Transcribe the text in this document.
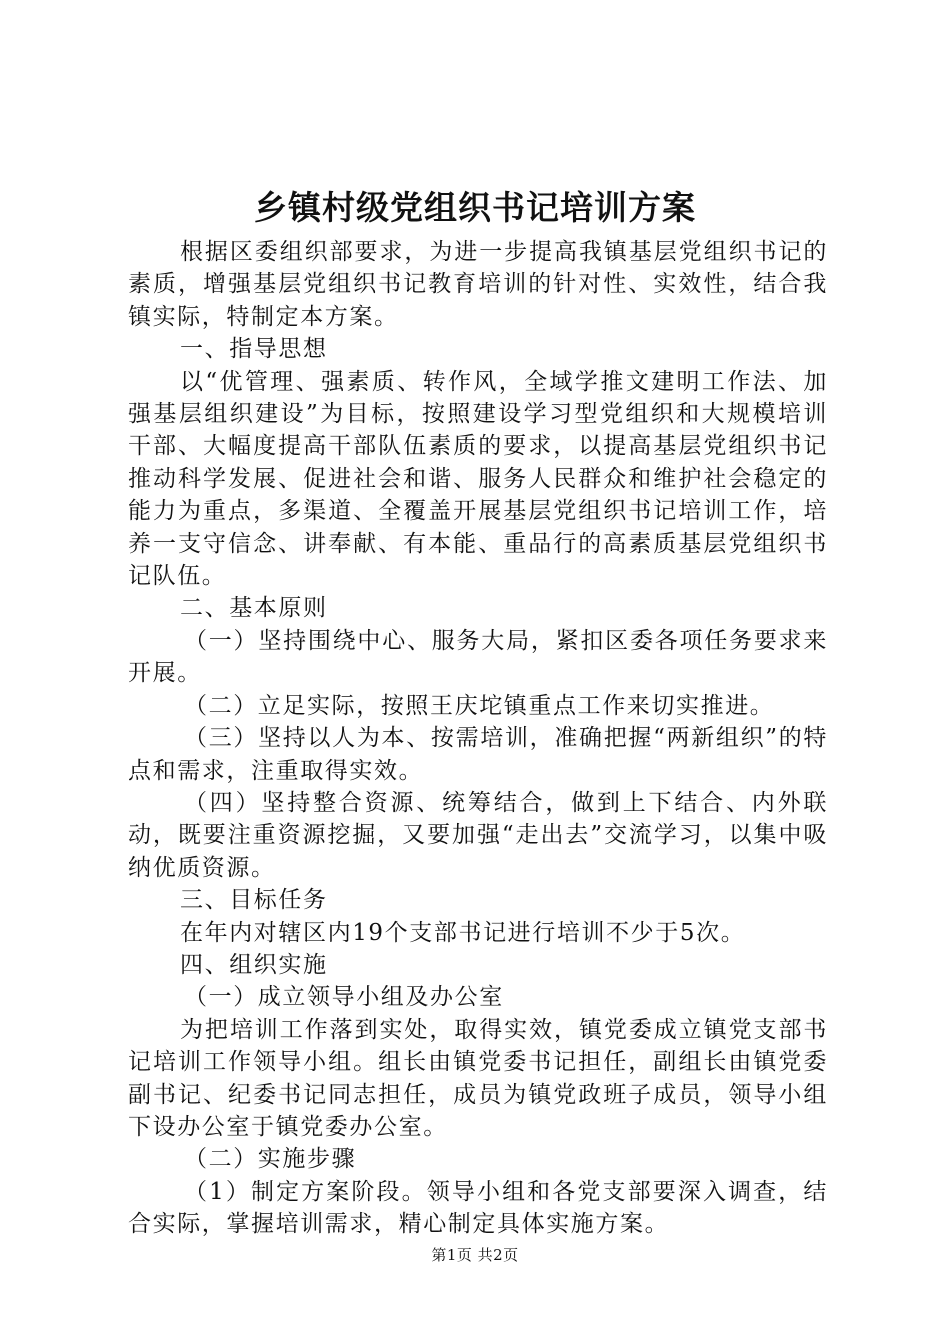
乡镇村级党组织书记培训方案

根据区委组织部要求，为进一步提高我镇基层党组织书记的素质，增强基层党组织书记教育培训的针对性、实效性，结合我镇实际，特制定本方案。

一、指导思想

以“优管理、强素质、转作风，全域学推文建明工作法、加强基层组织建设”为目标，按照建设学习型党组织和大规模培训干部、大幅度提高干部队伍素质的要求，以提高基层党组织书记推动科学发展、促进社会和谐、服务人民群众和维护社会稳定的能力为重点，多渠道、全覆盖开展基层党组织书记培训工作，培养一支守信念、讲奉献、有本能、重品行的高素质基层党组织书记队伍。

二、基本原则

（一）坚持围绕中心、服务大局，紧扣区委各项任务要求来开展。

（二）立足实际，按照王庆坨镇重点工作来切实推进。

（三）坚持以人为本、按需培训，准确把握“两新组织”的特点和需求，注重取得实效。

（四）坚持整合资源、统筹结合，做到上下结合、内外联动，既要注重资源挖掘，又要加强“走出去”交流学习，以集中吸纳优质资源。

三、目标任务

在年内对辖区内19个支部书记进行培训不少于5次。

四、组织实施

（一）成立领导小组及办公室

为把培训工作落到实处，取得实效，镇党委成立镇党支部书记培训工作领导小组。组长由镇党委书记担任，副组长由镇党委副书记、纪委书记同志担任，成员为镇党政班子成员，领导小组下设办公室于镇党委办公室。

（二）实施步骤

（1）制定方案阶段。领导小组和各党支部要深入调查，结合实际，掌握培训需求，精心制定具体实施方案。

第1页 共2页
